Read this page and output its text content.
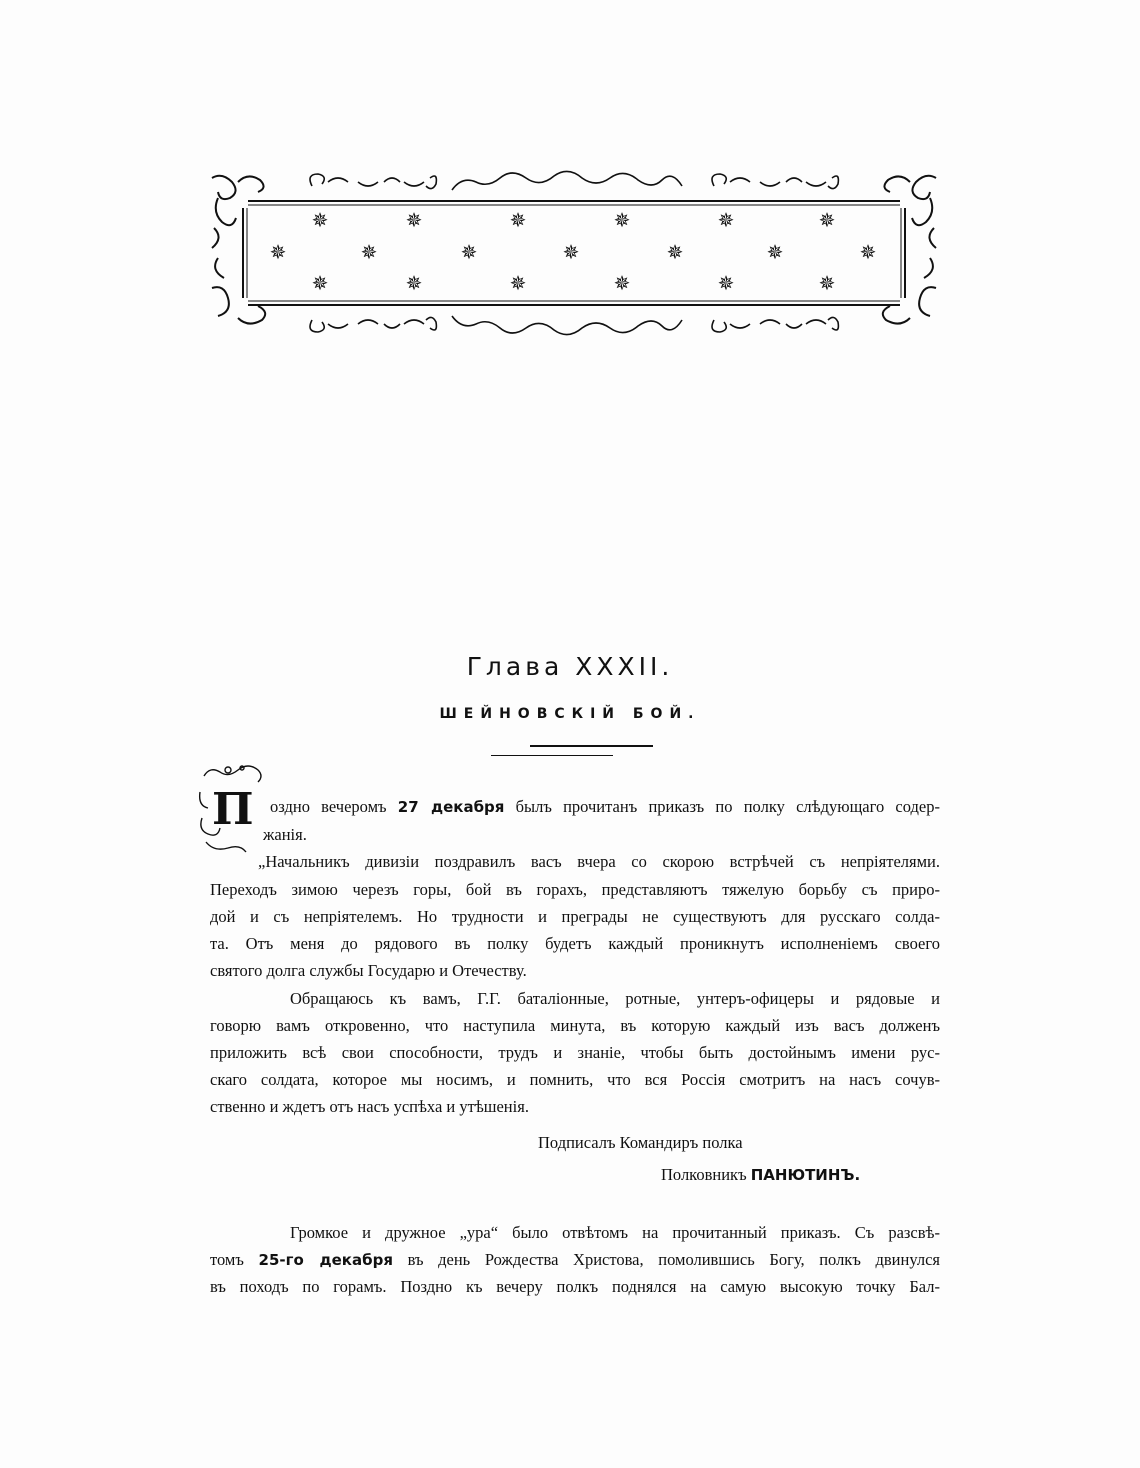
✵	✵	✵	✵	✵	✵
✵	✵	✵	✵	✵	✵	✵
✵	✵	✵	✵	✵	✵
Глава XXXII.
ШЕЙНОВСКІЙ БОЙ.
П оздно вечеромъ 27 декабря былъ прочитанъ приказъ по полку слѣдующаго содер-
жанія.
„Начальникъ дивизіи поздравилъ васъ вчера со скорою встрѣчей съ непріятелями.
Переходъ зимою черезъ горы, бой въ горахъ, представляютъ тяжелую борьбу съ приро-
дой и съ непріятелемъ. Но трудности и преграды не существуютъ для русскаго солда-
та. Отъ меня до рядового въ полку будетъ каждый проникнутъ исполненіемъ своего
святого долга службы Государю и Отечеству.
Обращаюсь къ вамъ, Г.Г. баталіонные, ротные, унтеръ-офицеры и рядовые и
говорю вамъ откровенно, что наступила минута, въ которую каждый изъ васъ долженъ
приложить всѣ свои способности, трудъ и знаніе, чтобы быть достойнымъ имени рус-
скаго солдата, которое мы носимъ, и помнить, что вся Россія смотритъ на насъ сочув-
ственно и ждетъ отъ насъ успѣха и утѣшенія.
Подписалъ Командиръ полка
Полковникъ ПАНЮТИНЪ.
Громкое и дружное „ура“ было отвѣтомъ на прочитанный приказъ. Съ разсвѣ-
томъ 25-го декабря въ день Рождества Христова, помолившись Богу, полкъ двинулся
въ походъ по горамъ. Поздно къ вечеру полкъ поднялся на самую высокую точку Бал-
